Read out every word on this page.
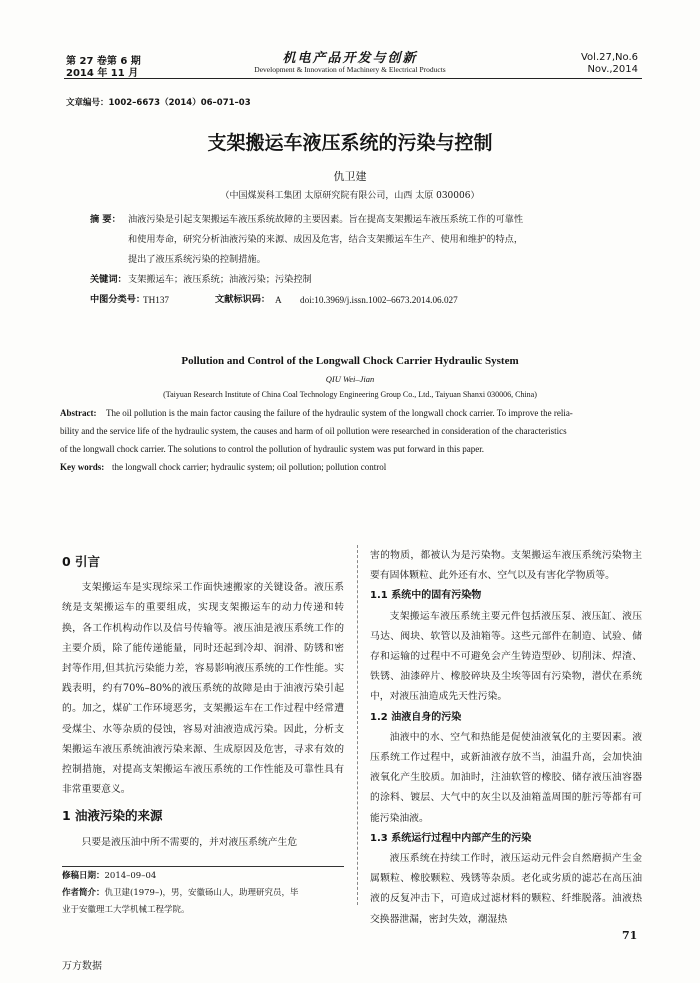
第 27 卷第 6 期
2014 年 11 月
机电产品开发与创新
Development & Innovation of Machinery & Electrical Products
Vol.27,No.6
Nov.,2014
文章编号：1002–6673（2014）06–071–03
支架搬运车液压系统的污染与控制
仇卫建
（中国煤炭科工集团 太原研究院有限公司，山西 太原 030006）
摘 要： 油液污染是引起支架搬运车液压系统故障的主要因素。旨在提高支架搬运车液压系统工作的可靠性
和使用寿命，研究分析油液污染的来源、成因及危害，结合支架搬运车生产、使用和维护的特点，
提出了液压系统污染的控制措施。
关键词： 支架搬运车；液压系统；油液污染；污染控制
中图分类号：
TH137	文献标识码： A doi:10.3969/j.issn.1002–6673.2014.06.027
Pollution and Control of the Longwall Chock Carrier Hydraulic System
QIU Wei–Jian
(Taiyuan Research Institute of China Coal Technology Engineering Group Co., Ltd., Taiyuan Shanxi 030006, China)
Abstract: The oil pollution is the main factor causing the failure of the hydraulic system of the longwall chock carrier. To improve the relia-
bility and the service life of the hydraulic system, the causes and harm of oil pollution were researched in consideration of the characteristics
of the longwall chock carrier. The solutions to control the pollution of hydraulic system was put forward in this paper.
Key words: the longwall chock carrier; hydraulic system; oil pollution; pollution control
0 引言

支架搬运车是实现综采工作面快速搬家的关键设备。液压系统是支架搬运车的重要组成，实现支架搬运车的动力传递和转换，各工作机构动作以及信号传输等。液压油是液压系统工作的主要介质，除了能传递能量，同时还起到冷却、润滑、防锈和密封等作用,但其抗污染能力差，容易影响液压系统的工作性能。实践表明，约有70%–80%的液压系统的故障是由于油液污染引起的。加之，煤矿工作环境恶劣，支架搬运车在工作过程中经常遭受煤尘、水等杂质的侵蚀，容易对油液造成污染。因此，分析支架搬运车液压系统油液污染来源、生成原因及危害，寻求有效的控制措施，对提高支架搬运车液压系统的工作性能及可靠性具有非常重要意义。

1 油液污染的来源

只要是液压油中所不需要的，并对液压系统产生危

修稿日期：2014–09–04
作者简介：仇卫建(1979–)，男，安徽砀山人，助理研究员，毕
业于安徽理工大学机械工程学院。

害的物质，都被认为是污染物。支架搬运车液压系统污染物主要有固体颗粒、此外还有水、空气以及有害化学物质等。

1.1 系统中的固有污染物

支架搬运车液压系统主要元件包括液压泵、液压缸、液压马达、阀块、软管以及油箱等。这些元部件在制造、试验、储存和运输的过程中不可避免会产生铸造型砂、切削沫、焊渣、铁锈、油漆碎片、橡胶碎块及尘埃等固有污染物，潜伏在系统中，对液压油造成先天性污染。

1.2 油液自身的污染

油液中的水、空气和热能是促使油液氧化的主要因素。液压系统工作过程中，或新油液存放不当，油温升高，会加快油液氧化产生胶质。加油时，注油软管的橡胶、储存液压油容器的涂料、镀层、大气中的灰尘以及油箱盖周围的脏污等都有可能污染油液。

1.3 系统运行过程中内部产生的污染

液压系统在持续工作时，液压运动元件会自然磨损产生金属颗粒、橡胶颗粒、残锈等杂质。老化或劣质的滤芯在高压油液的反复冲击下，可造成过滤材料的颗粒、纤维脱落。油液热交换器泄漏，密封失效，潮湿热

71
万方数据
